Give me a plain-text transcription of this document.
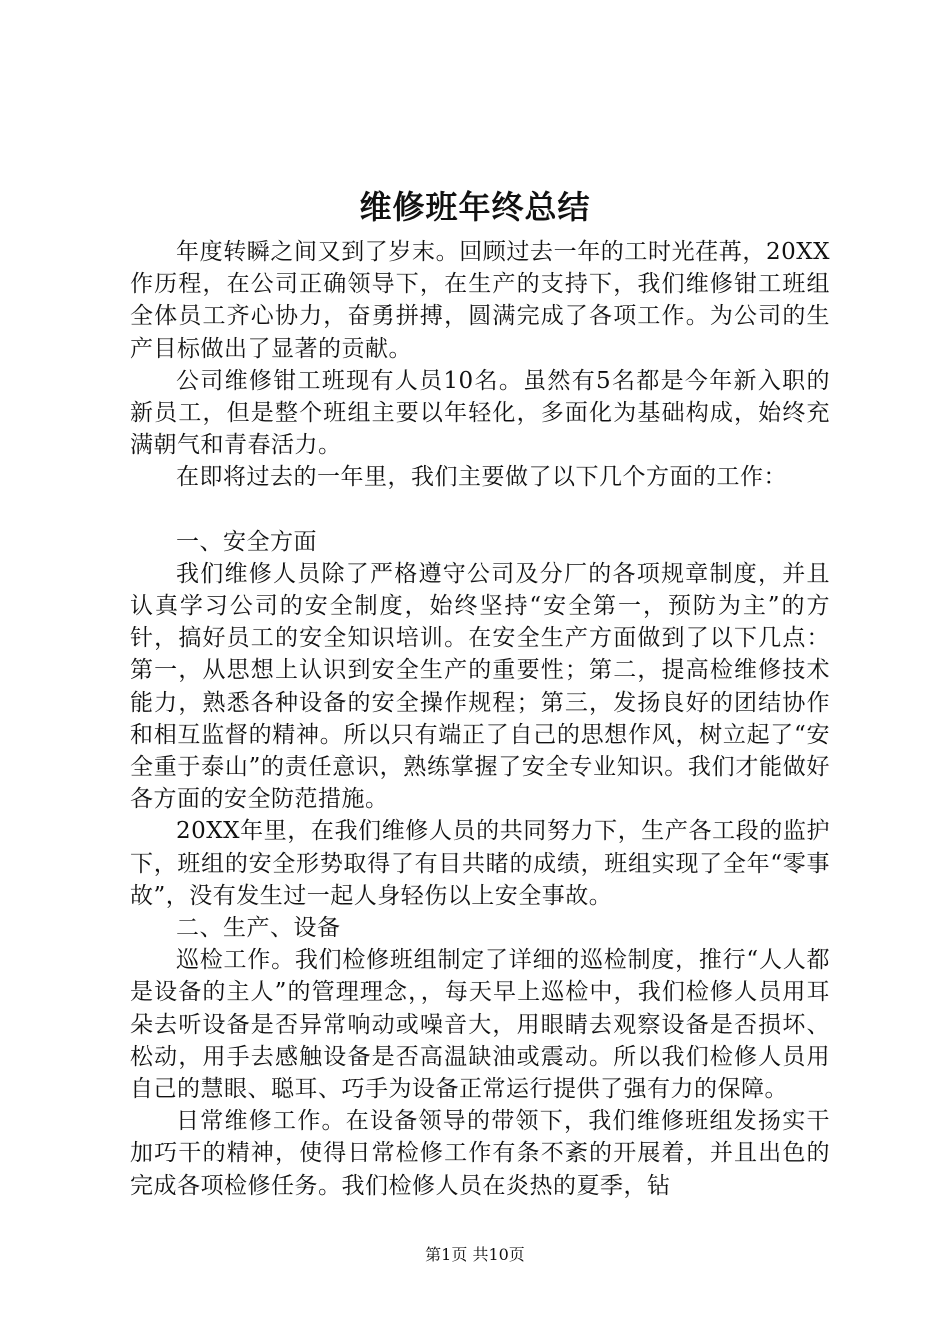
维修班年终总结

年度转瞬之间又到了岁末。回顾过去一年的工时光荏苒，20XX作历程，在公司正确领导下，在生产的支持下，我们维修钳工班组全体员工齐心协力，奋勇拼搏，圆满完成了各项工作。为公司的生产目标做出了显著的贡献。

公司维修钳工班现有人员10名。虽然有5名都是今年新入职的新员工，但是整个班组主要以年轻化，多面化为基础构成，始终充满朝气和青春活力。

在即将过去的一年里，我们主要做了以下几个方面的工作：

一、安全方面

我们维修人员除了严格遵守公司及分厂的各项规章制度，并且认真学习公司的安全制度，始终坚持“安全第一，预防为主”的方针，搞好员工的安全知识培训。在安全生产方面做到了以下几点：第一，从思想上认识到安全生产的重要性；第二，提高检维修技术能力，熟悉各种设备的安全操作规程；第三，发扬良好的团结协作和相互监督的精神。所以只有端正了自己的思想作风，树立起了“安全重于泰山”的责任意识，熟练掌握了安全专业知识。我们才能做好各方面的安全防范措施。

20XX年里，在我们维修人员的共同努力下，生产各工段的监护下，班组的安全形势取得了有目共睹的成绩，班组实现了全年“零事故”，没有发生过一起人身轻伤以上安全事故。

二、生产、设备

巡检工作。我们检修班组制定了详细的巡检制度，推行“人人都是设备的主人”的管理理念，，每天早上巡检中，我们检修人员用耳朵去听设备是否异常响动或噪音大，用眼睛去观察设备是否损坏、松动，用手去感触设备是否高温缺油或震动。所以我们检修人员用自己的慧眼、聪耳、巧手为设备正常运行提供了强有力的保障。

日常维修工作。在设备领导的带领下，我们维修班组发扬实干加巧干的精神，使得日常检修工作有条不紊的开展着，并且出色的完成各项检修任务。我们检修人员在炎热的夏季，钻

第1页 共10页
